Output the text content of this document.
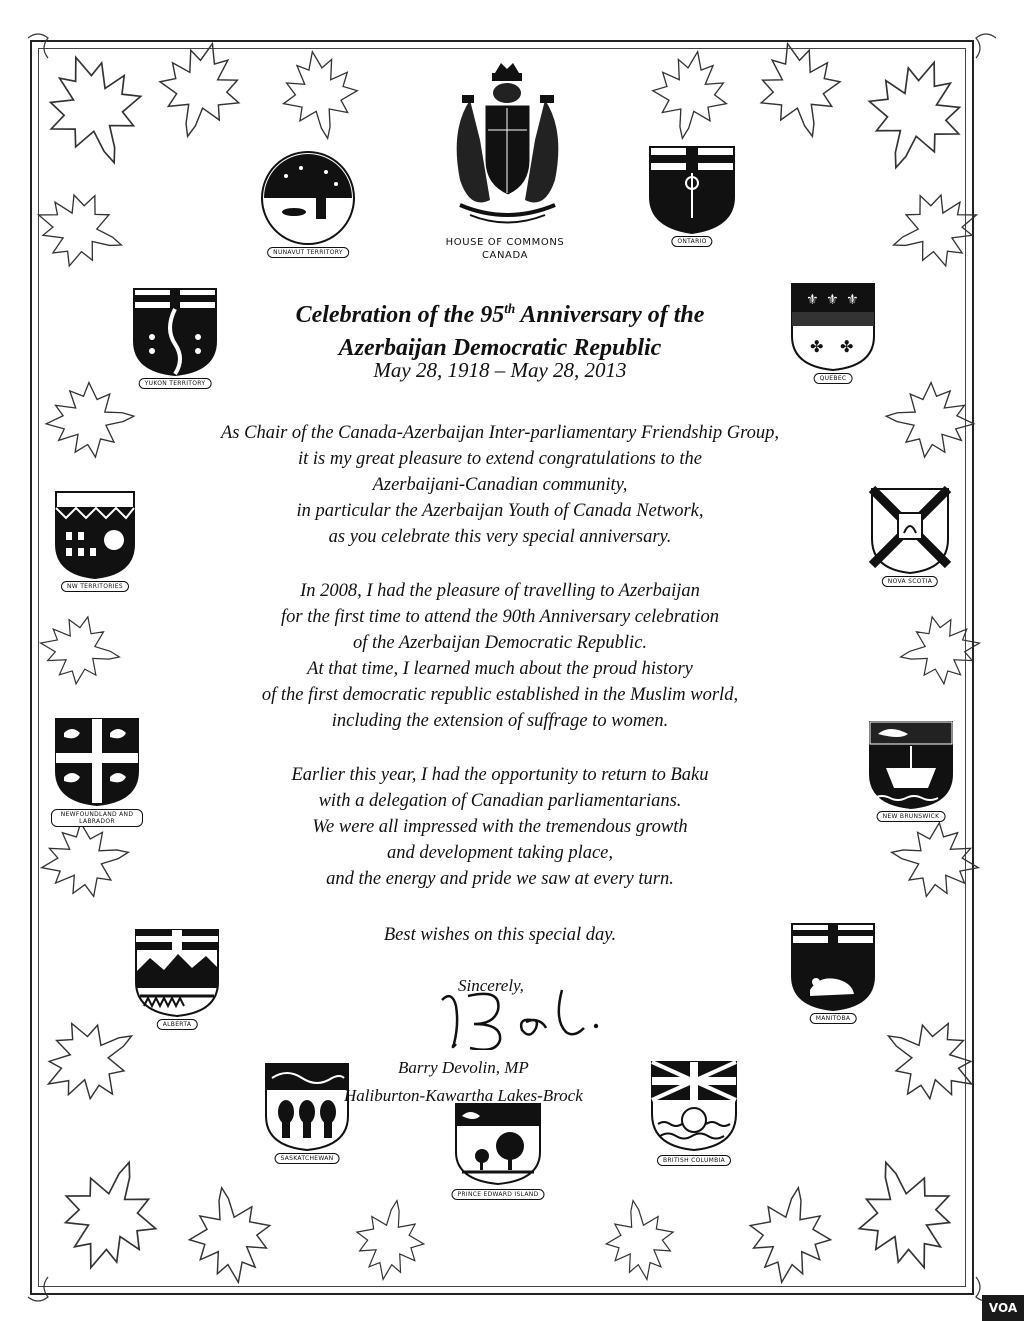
HOUSE OF COMMONS
CANADA
NUNAVUT TERRITORY
ONTARIO
YUKON TERRITORY
⚜ ⚜ ⚜
✤ ✤
QUEBEC
NW TERRITORIES
NOVA SCOTIA
NEWFOUNDLAND AND LABRADOR
NEW BRUNSWICK
ALBERTA
MANITOBA
SASKATCHEWAN
PRINCE EDWARD ISLAND
BRITISH COLUMBIA
Celebration of the 95th Anniversary of the
Azerbaijan Democratic Republic
May 28, 1918 – May 28, 2013
As Chair of the Canada-Azerbaijan Inter-parliamentary Friendship Group,
it is my great pleasure to extend congratulations to the
Azerbaijani-Canadian community,
in particular the Azerbaijan Youth of Canada Network,
as you celebrate this very special anniversary.
In 2008, I had the pleasure of travelling to Azerbaijan
for the first time to attend the 90th Anniversary celebration
of the Azerbaijan Democratic Republic.
At that time, I learned much about the proud history
of the first democratic republic established in the Muslim world,
including the extension of suffrage to women.
Earlier this year, I had the opportunity to return to Baku
with a delegation of Canadian parliamentarians.
We were all impressed with the tremendous growth
and development taking place,
and the energy and pride we saw at every turn.
Best wishes on this special day.
Sincerely,
Barry Devolin, MP
Haliburton-Kawartha Lakes-Brock
VOA
